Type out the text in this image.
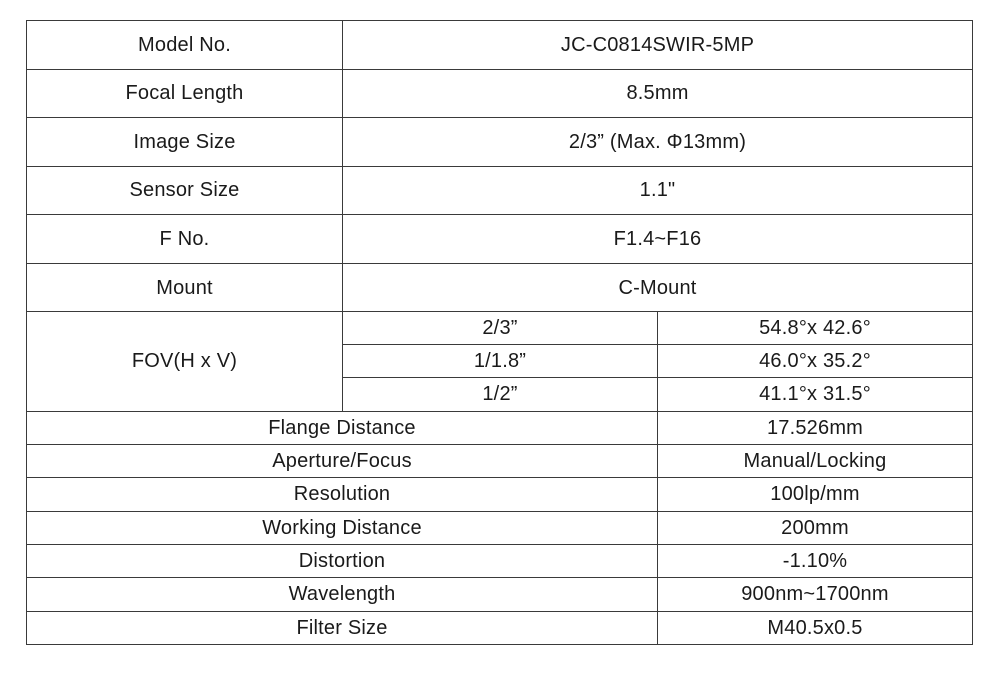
Model No.	JC-C0814SWIR-5MP	
Focal Length	8.5mm	
Image Size	2/3” (Max. Φ13mm)	
Sensor Size	1.1"	
F No.	F1.4~F16	
Mount	C-Mount	
FOV(H x V)	2/3”	54.8°x 42.6°
	1/1.8”	46.0°x 35.2°
	1/2”	41.1°x 31.5°
Flange Distance		17.526mm
Aperture/Focus		Manual/Locking
Resolution		100lp/mm
Working Distance		200mm
Distortion		-1.10%
Wavelength		900nm~1700nm
Filter Size		M40.5x0.5
